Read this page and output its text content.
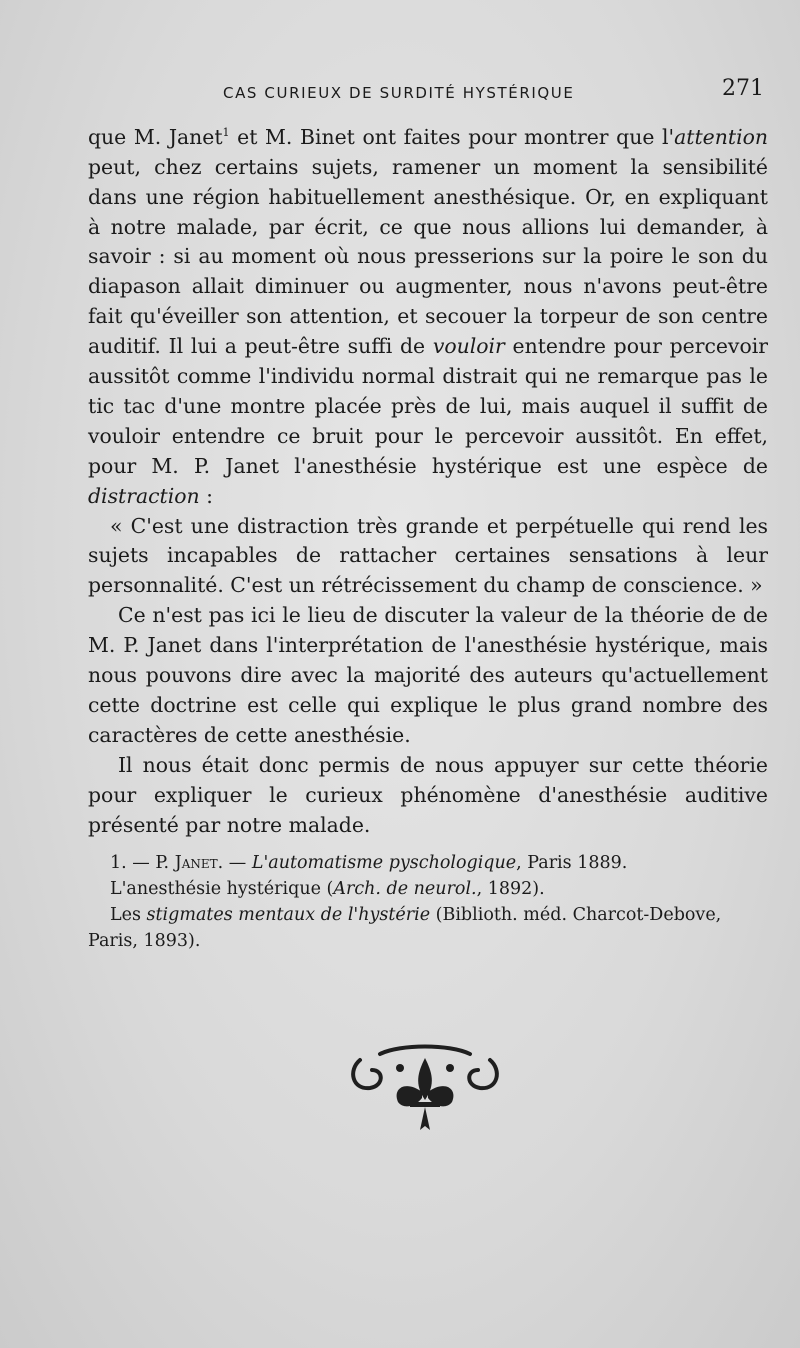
CAS CURIEUX DE SURDITÉ HYSTÉRIQUE	271

que M. Janet$^1$ et M. Binet ont faites pour montrer que l'attention peut, chez certains sujets, ramener un moment la sensibilité dans une région habituellement anesthésique. Or, en expliquant à notre malade, par écrit, ce que nous allions lui demander, à savoir : si au moment où nous presserions sur la poire le son du diapason allait diminuer ou augmenter, nous n'avons peut-être fait qu'éveiller son attention, et secouer la torpeur de son centre auditif. Il lui a peut-être suffi de vouloir entendre pour percevoir aussitôt comme l'individu normal distrait qui ne remarque pas le tic tac d'une montre placée près de lui, mais auquel il suffit de vouloir entendre ce bruit pour le percevoir aussitôt. En effet, pour M. P. Janet l'anesthésie hystérique est une espèce de distraction :

« C'est une distraction très grande et perpétuelle qui rend les sujets incapables de rattacher certaines sensations à leur personnalité. C'est un rétrécissement du champ de conscience. »

Ce n'est pas ici le lieu de discuter la valeur de la théorie de de M. P. Janet dans l'interprétation de l'anesthésie hystérique, mais nous pouvons dire avec la majorité des auteurs qu'actuellement cette doctrine est celle qui explique le plus grand nombre des caractères de cette anesthésie.

Il nous était donc permis de nous appuyer sur cette théorie pour expliquer le curieux phénomène d'anesthésie auditive présenté par notre malade.

1. — P. Janet. — L'automatisme pyschologique, Paris 1889.

L'anesthésie hystérique (Arch. de neurol., 1892).

Les stigmates mentaux de l'hystérie (Biblioth. méd. Charcot-Debove, Paris, 1893).
